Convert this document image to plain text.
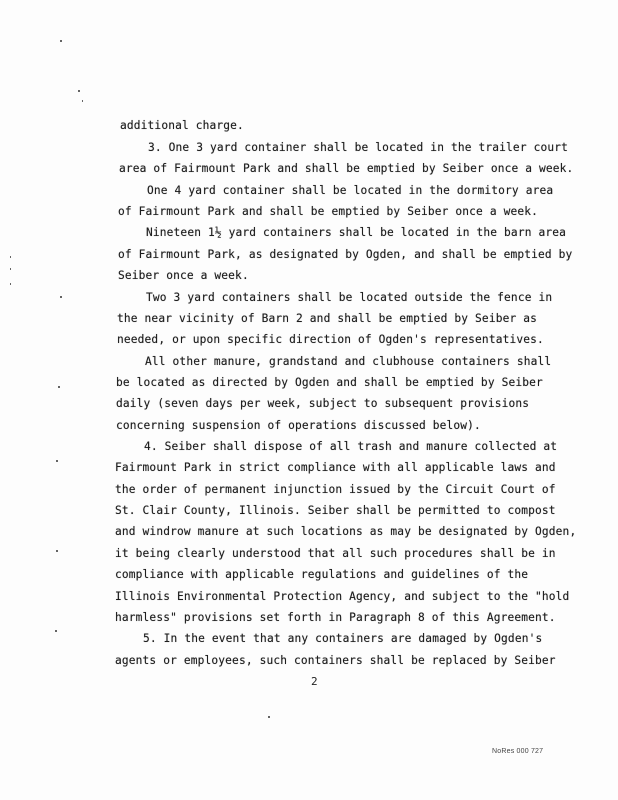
additional charge.
3. One 3 yard container shall be located in the trailer court
area of Fairmount Park and shall be emptied by Seiber once a week.
One 4 yard container shall be located in the dormitory area
of Fairmount Park and shall be emptied by Seiber once a week.
Nineteen 1½ yard containers shall be located in the barn area
of Fairmount Park, as designated by Ogden, and shall be emptied by
Seiber once a week.
Two 3 yard containers shall be located outside the fence in
the near vicinity of Barn 2 and shall be emptied by Seiber as
needed, or upon specific direction of Ogden's representatives.
All other manure, grandstand and clubhouse containers shall
be located as directed by Ogden and shall be emptied by Seiber
daily (seven days per week, subject to subsequent provisions
concerning suspension of operations discussed below).
4. Seiber shall dispose of all trash and manure collected at
Fairmount Park in strict compliance with all applicable laws and
the order of permanent injunction issued by the Circuit Court of
St. Clair County, Illinois. Seiber shall be permitted to compost
and windrow manure at such locations as may be designated by Ogden,
it being clearly understood that all such procedures shall be in
compliance with applicable regulations and guidelines of the
Illinois Environmental Protection Agency, and subject to the "hold
harmless" provisions set forth in Paragraph 8 of this Agreement.
5. In the event that any containers are damaged by Ogden's
agents or employees, such containers shall be replaced by Seiber
2
NoRes 000 727
